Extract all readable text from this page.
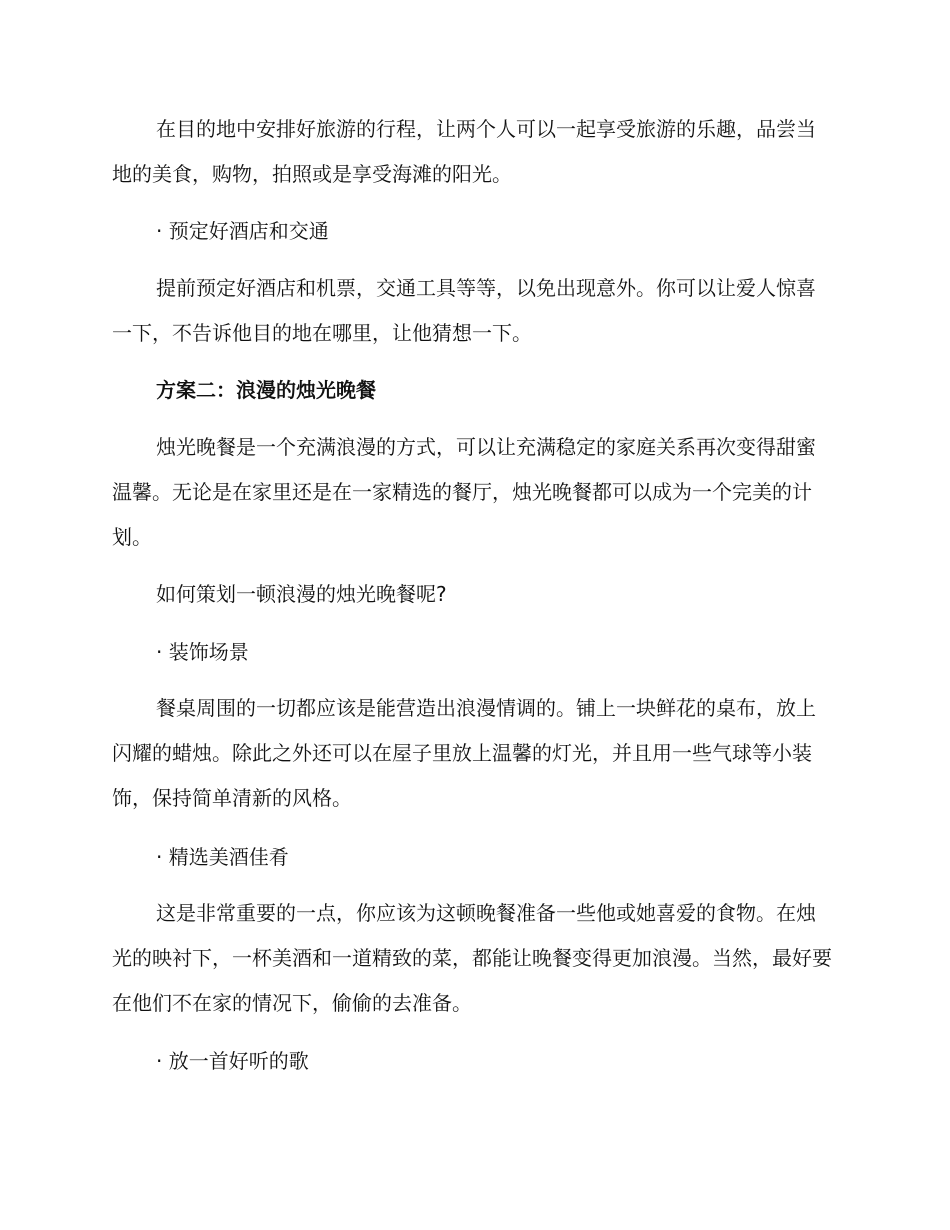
在目的地中安排好旅游的行程，让两个人可以一起享受旅游的乐趣，品尝当地的美食，购物，拍照或是享受海滩的阳光。

· 预定好酒店和交通

提前预定好酒店和机票，交通工具等等，以免出现意外。你可以让爱人惊喜一下，不告诉他目的地在哪里，让他猜想一下。

方案二：浪漫的烛光晚餐

烛光晚餐是一个充满浪漫的方式，可以让充满稳定的家庭关系再次变得甜蜜温馨。无论是在家里还是在一家精选的餐厅，烛光晚餐都可以成为一个完美的计划。

如何策划一顿浪漫的烛光晚餐呢?

· 装饰场景

餐桌周围的一切都应该是能营造出浪漫情调的。铺上一块鲜花的桌布，放上闪耀的蜡烛。除此之外还可以在屋子里放上温馨的灯光，并且用一些气球等小装饰，保持简单清新的风格。

· 精选美酒佳肴

这是非常重要的一点，你应该为这顿晚餐准备一些他或她喜爱的食物。在烛光的映衬下，一杯美酒和一道精致的菜，都能让晚餐变得更加浪漫。当然，最好要在他们不在家的情况下，偷偷的去准备。

· 放一首好听的歌
